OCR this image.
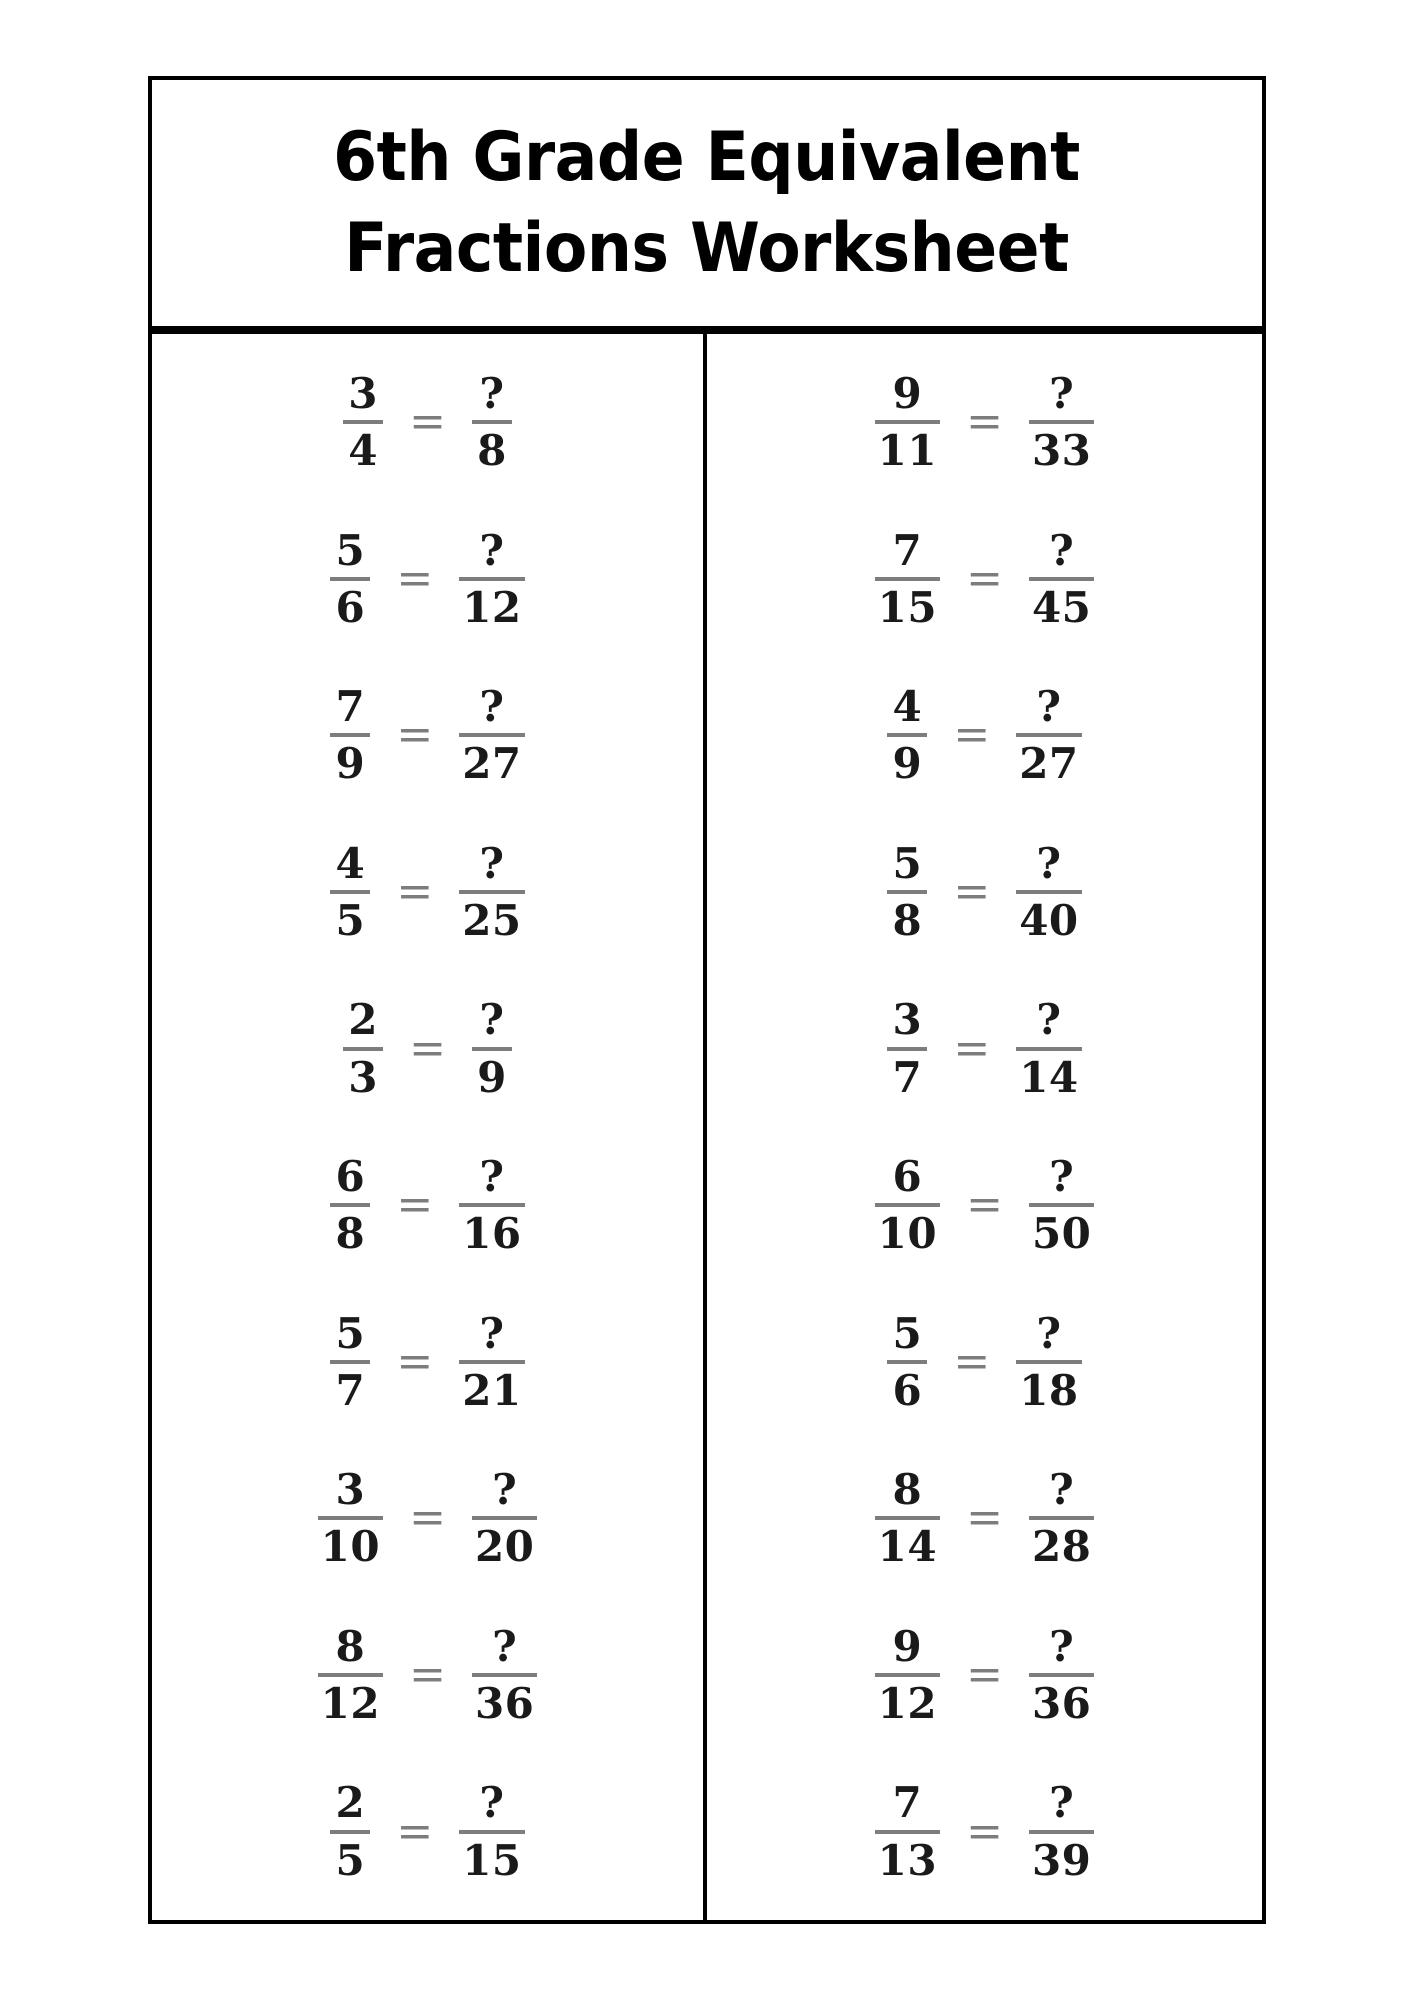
6th Grade Equivalent
Fractions Worksheet
$\frac{3}{4} = \frac{?}{8}$
$\frac{5}{6} = \frac{?}{12}$
$\frac{7}{9} = \frac{?}{27}$
$\frac{4}{5} = \frac{?}{25}$
$\frac{2}{3} = \frac{?}{9}$
$\frac{6}{8} = \frac{?}{16}$
$\frac{5}{7} = \frac{?}{21}$
$\frac{3}{10} = \frac{?}{20}$
$\frac{8}{12} = \frac{?}{36}$
$\frac{2}{5} = \frac{?}{15}$
$\frac{9}{11} = \frac{?}{33}$
$\frac{7}{15} = \frac{?}{45}$
$\frac{4}{9} = \frac{?}{27}$
$\frac{5}{8} = \frac{?}{40}$
$\frac{3}{7} = \frac{?}{14}$
$\frac{6}{10} = \frac{?}{50}$
$\frac{5}{6} = \frac{?}{18}$
$\frac{8}{14} = \frac{?}{28}$
$\frac{9}{12} = \frac{?}{36}$
$\frac{7}{13} = \frac{?}{39}$
